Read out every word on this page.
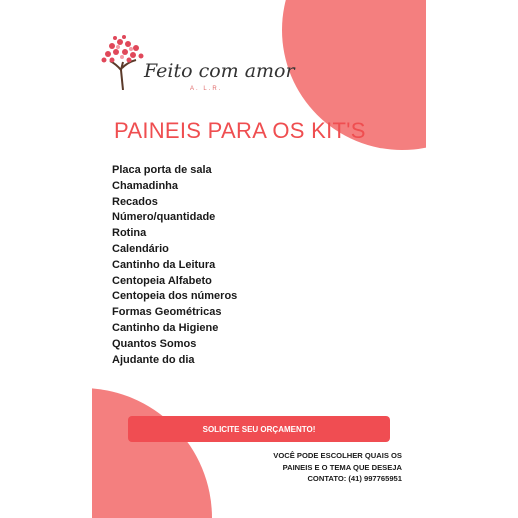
Feito com amor
A. L.R.
PAINEIS PARA OS KIT'S
Placa porta de sala
Chamadinha
Recados
Número/quantidade
Rotina
Calendário
Cantinho da Leitura
Centopeia Alfabeto
Centopeia dos números
Formas Geométricas
Cantinho da Higiene
Quantos Somos
Ajudante do dia
SOLICITE SEU ORÇAMENTO!
VOCÊ PODE ESCOLHER QUAIS OS
PAINEIS E O TEMA QUE DESEJA
CONTATO: (41) 997765951
